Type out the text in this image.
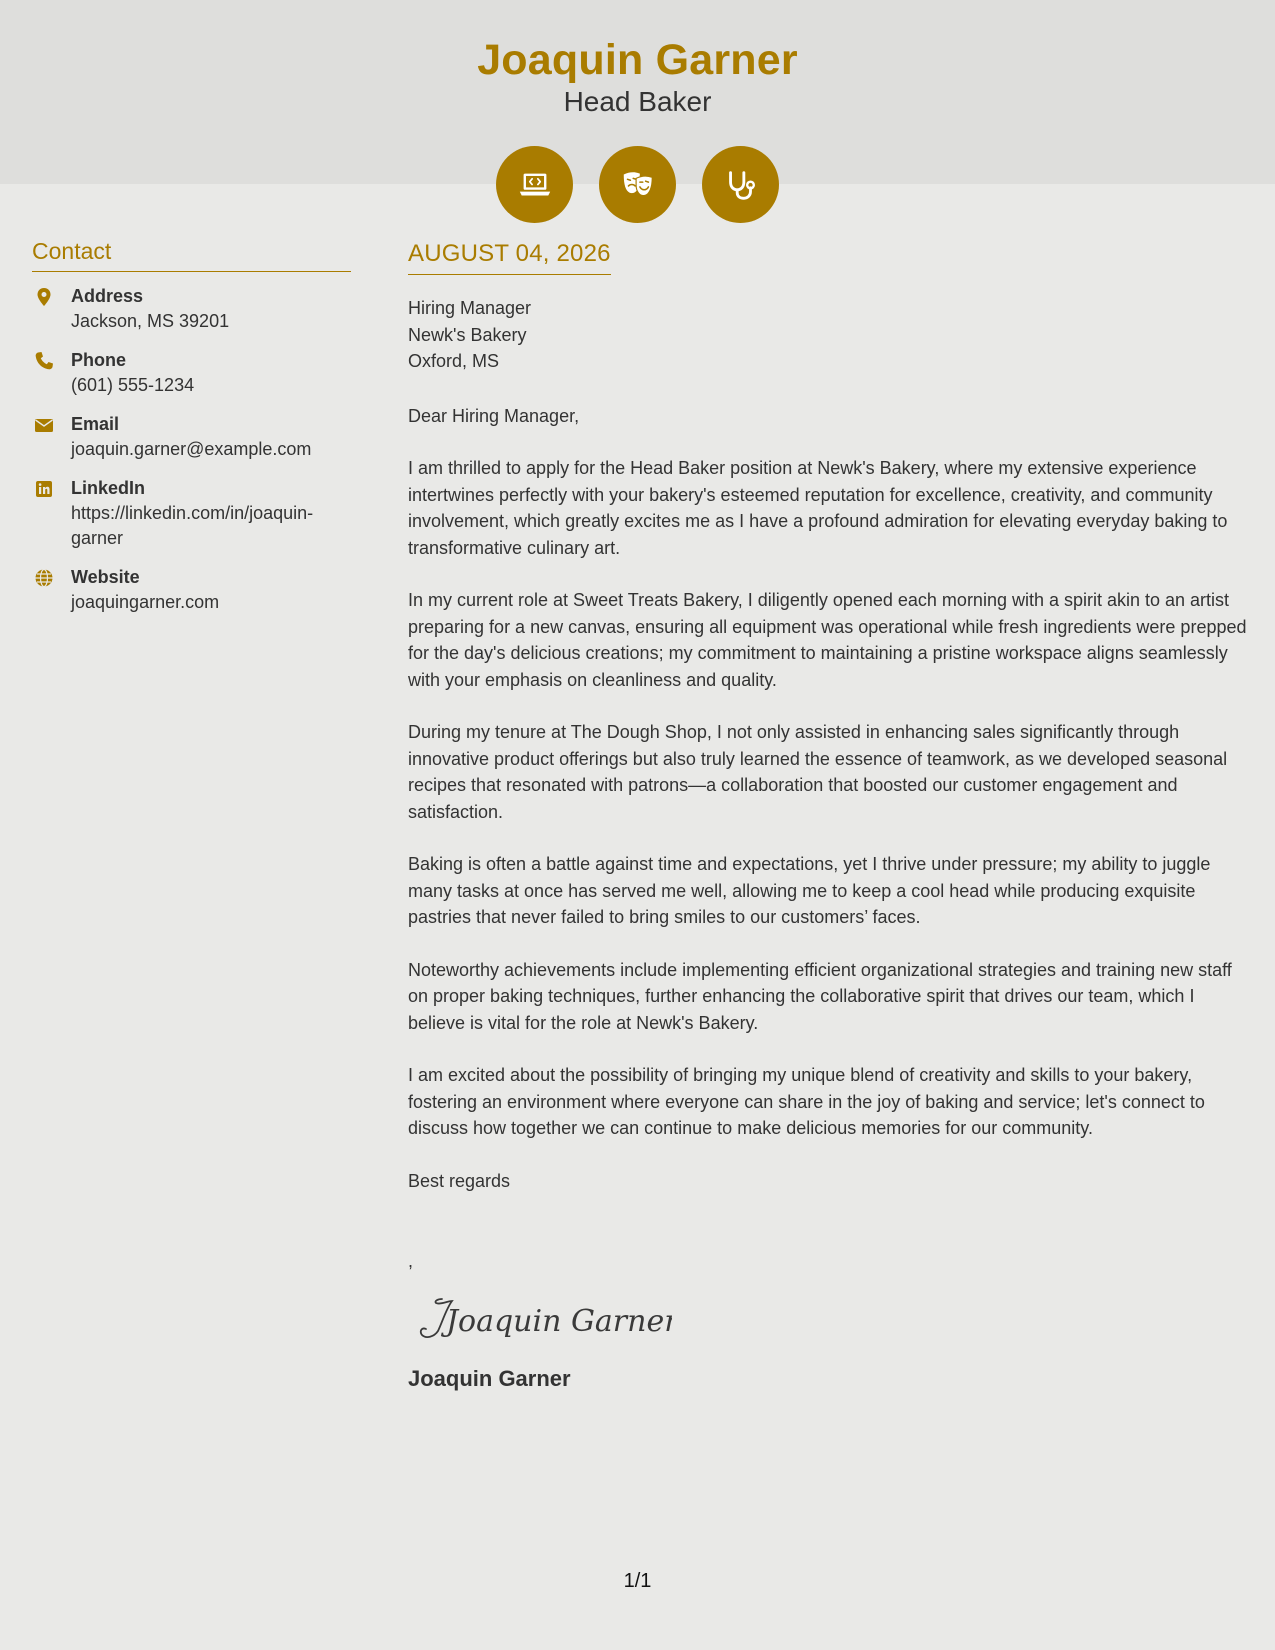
Joaquin Garner
Head Baker
Contact
Address
Jackson, MS 39201
Phone
(601) 555-1234
Email
joaquin.garner@example.com
LinkedIn
https://linkedin.com/in/joaquin-garner
Website
joaquingarner.com
AUGUST 04, 2026
Hiring Manager
Newk's Bakery
Oxford, MS
Dear Hiring Manager,
I am thrilled to apply for the Head Baker position at Newk's Bakery, where my extensive experience intertwines perfectly with your bakery's esteemed reputation for excellence, creativity, and community involvement, which greatly excites me as I have a profound admiration for elevating everyday baking to transformative culinary art.
In my current role at Sweet Treats Bakery, I diligently opened each morning with a spirit akin to an artist preparing for a new canvas, ensuring all equipment was operational while fresh ingredients were prepped for the day's delicious creations; my commitment to maintaining a pristine workspace aligns seamlessly with your emphasis on cleanliness and quality.
During my tenure at The Dough Shop, I not only assisted in enhancing sales significantly through innovative product offerings but also truly learned the essence of teamwork, as we developed seasonal recipes that resonated with patrons—a collaboration that boosted our customer engagement and satisfaction.
Baking is often a battle against time and expectations, yet I thrive under pressure; my ability to juggle many tasks at once has served me well, allowing me to keep a cool head while producing exquisite pastries that never failed to bring smiles to our customers’ faces.
Noteworthy achievements include implementing efficient organizational strategies and training new staff on proper baking techniques, further enhancing the collaborative spirit that drives our team, which I believe is vital for the role at Newk's Bakery.
I am excited about the possibility of bringing my unique blend of creativity and skills to your bakery, fostering an environment where everyone can share in the joy of baking and service; let's connect to discuss how together we can continue to make delicious memories for our community.
Best regards
,
Joaquin Garner
Joaquin Garner
1/1
